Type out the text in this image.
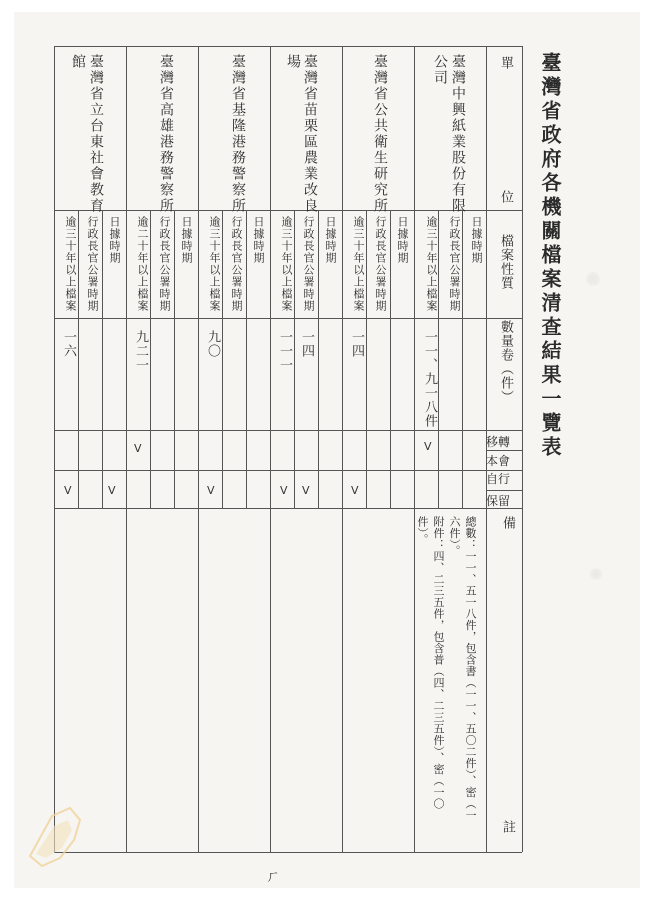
臺灣省政府各機關檔案清查結果一覽表
單
位
檔案性質
數量卷（件）
移轉
本會
自行
保留
備
註
臺灣中興紙業股份有限
公司
日據時期
行政長官公署時期
逾三十年以上檔案
一一、九一八件
V
總數：一一、五一八件，包含書（一一、五〇二件）、密（一
六件）。
附件：四、二三五件，包含普（四、二三五件）、密（一〇
件）。
臺灣省公共衛生研究所
日據時期
行政長官公署時期
逾三十年以上檔案
一四
V
臺灣省苗栗區農業改良
場
日據時期
行政長官公署時期
逾三十年以上檔案
一四
一一一
V
V
臺灣省基隆港務警察所
日據時期
行政長官公署時期
逾三十年以上檔案
九〇
V
臺灣省高雄港務警察所
日據時期
行政長官公署時期
逾二十年以上檔案
九二一
V
臺灣省立台東社會教育
館
日據時期
行政長官公署時期
逾三十年以上檔案
V
一六
V
ㄏ
